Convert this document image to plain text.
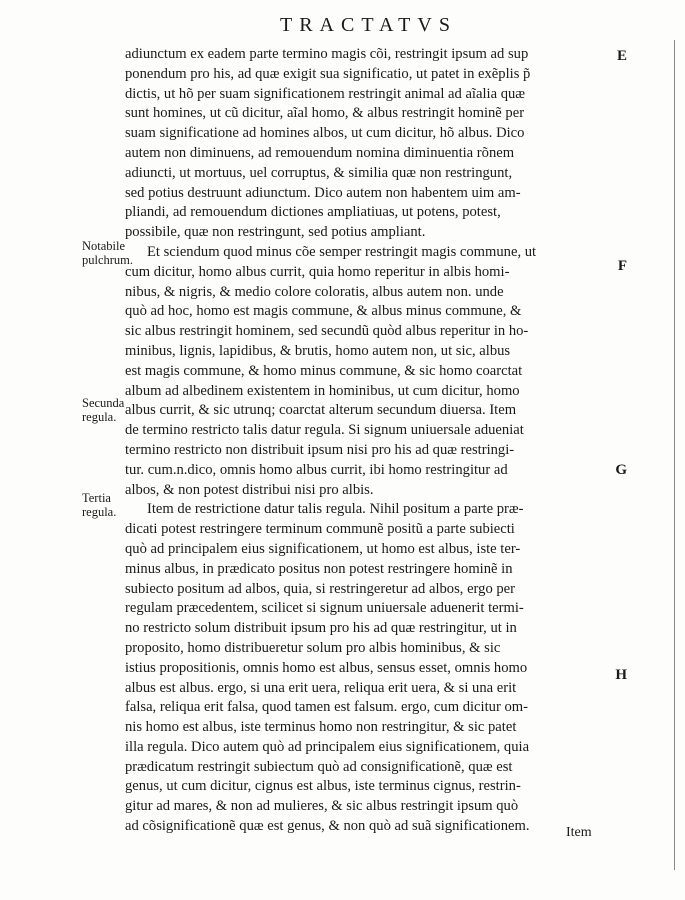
TRACTATVS
adiunctum ex eadem parte termino magis cõi, restringit ipsum ad sup
ponendum pro his, ad quæ exigit sua significatio, ut patet in exẽplis p̃
dictis, ut hõ per suam significationem restringit animal ad aĩalia quæ
sunt homines, ut cũ dicitur, aĩal homo, & albus restringit hominẽ per
suam significatione ad homines albos, ut cum dicitur, hõ albus. Dico
autem non diminuens, ad remouendum nomina diminuentia rõnem
adiuncti, ut mortuus, uel corruptus, & similia quæ non restringunt,
sed potius destruunt adiunctum. Dico autem non habentem uim am-
pliandi, ad remouendum dictiones ampliatiuas, ut potens, potest,
possibile, quæ non restringunt, sed potius ampliant.
Et sciendum quod minus cõe semper restringit magis commune, ut
cum dicitur, homo albus currit, quia homo reperitur in albis homi-
nibus, & nigris, & medio colore coloratis, albus autem non. unde
quò ad hoc, homo est magis commune, & albus minus commune, &
sic albus restringit hominem, sed secundũ quòd albus reperitur in ho-
minibus, lignis, lapidibus, & brutis, homo autem non, ut sic, albus
est magis commune, & homo minus commune, & sic homo coarctat
album ad albedinem existentem in hominibus, ut cum dicitur, homo
albus currit, & sic utrunq; coarctat alterum secundum diuersa. Item
de termino restricto talis datur regula. Si signum uniuersale adueniat
termino restricto non distribuit ipsum nisi pro his ad quæ restringi-
tur. cum.n.dico, omnis homo albus currit, ibi homo restringitur ad
albos, & non potest distribui nisi pro albis.
Item de restrictione datur talis regula. Nihil positum a parte præ-
dicati potest restringere terminum communẽ positũ a parte subiecti
quò ad principalem eius significationem, ut homo est albus, iste ter-
minus albus, in prædicato positus non potest restringere hominẽ in
subiecto positum ad albos, quia, si restringeretur ad albos, ergo per
regulam præcedentem, scilicet si signum uniuersale aduenerit termi-
no restricto solum distribuit ipsum pro his ad quæ restringitur, ut in
proposito, homo distribueretur solum pro albis hominibus, & sic
istius propositionis, omnis homo est albus, sensus esset, omnis homo
albus est albus. ergo, si una erit uera, reliqua erit uera, & si una erit
falsa, reliqua erit falsa, quod tamen est falsum. ergo, cum dicitur om-
nis homo est albus, iste terminus homo non restringitur, & sic patet
illa regula. Dico autem quò ad principalem eius significationem, quia
prædicatum restringit subiectum quò ad consignificationẽ, quæ est
genus, ut cum dicitur, cignus est albus, iste terminus cignus, restrin-
gitur ad mares, & non ad mulieres, & sic albus restringit ipsum quò
ad cõsignificationẽ quæ est genus, & non quò ad suã significationem.
Notabile pulchrum.
Secunda regula.
Tertia regula.
E
F
G
H
Item
